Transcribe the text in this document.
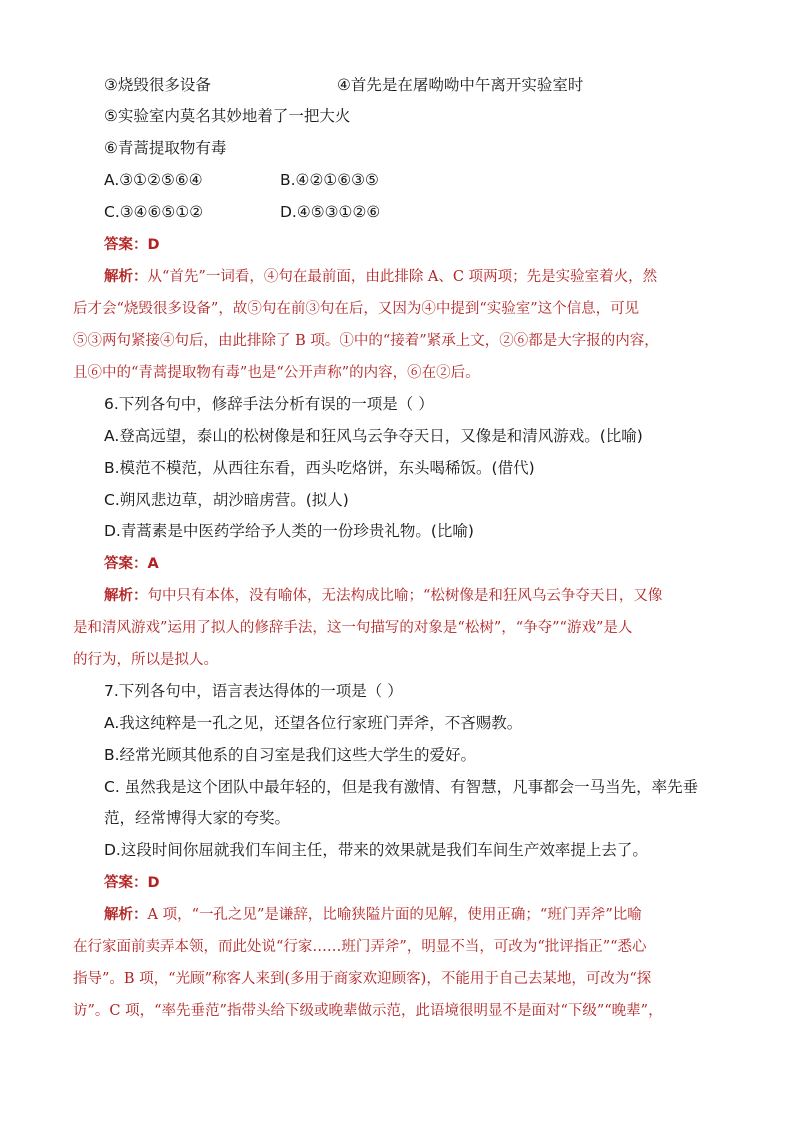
③烧毁很多设备	④首先是在屠呦呦中午离开实验室时
⑤实验室内莫名其妙地着了一把大火
⑥青蒿提取物有毒
A.③①②⑤⑥④	B.④②①⑥③⑤
C.③④⑥⑤①②	D.④⑤③①②⑥
答案：D
解析：从“首先”一词看，④句在最前面，由此排除 A、C 项两项；先是实验室着火，然
后才会“烧毁很多设备”，故⑤句在前③句在后，又因为④中提到“实验室”这个信息，可见
⑤③两句紧接④句后，由此排除了 B 项。①中的“接着”紧承上文，②⑥都是大字报的内容，
且⑥中的“青蒿提取物有毒”也是“公开声称”的内容，⑥在②后。
6.下列各句中，修辞手法分析有误的一项是（ ）
A.登高远望，泰山的松树像是和狂风乌云争夺天日，又像是和清风游戏。(比喻)
B.模范不模范，从西往东看，西头吃烙饼，东头喝稀饭。(借代)
C.朔风悲边草，胡沙暗虏营。(拟人)
D.青蒿素是中医药学给予人类的一份珍贵礼物。(比喻)
答案：A
解析：句中只有本体，没有喻体，无法构成比喻；“松树像是和狂风乌云争夺天日，又像
是和清风游戏”运用了拟人的修辞手法，这一句描写的对象是“松树”，“争夺”“游戏”是人
的行为，所以是拟人。
7.下列各句中，语言表达得体的一项是（ ）
A.我这纯粹是一孔之见，还望各位行家班门弄斧，不吝赐教。
B.经常光顾其他系的自习室是我们这些大学生的爱好。
C. 虽然我是这个团队中最年轻的，但是我有激情、有智慧，凡事都会一马当先，率先垂
范，经常博得大家的夸奖。
D.这段时间你屈就我们车间主任，带来的效果就是我们车间生产效率提上去了。
答案：D
解析：A 项，“一孔之见”是谦辞，比喻狭隘片面的见解，使用正确；“班门弄斧”比喻
在行家面前卖弄本领，而此处说“行家……班门弄斧”，明显不当，可改为“批评指正”“悉心
指导”。B 项，“光顾”称客人来到(多用于商家欢迎顾客)，不能用于自己去某地，可改为“探
访”。C 项，“率先垂范”指带头给下级或晚辈做示范，此语境很明显不是面对“下级”“晚辈”，
